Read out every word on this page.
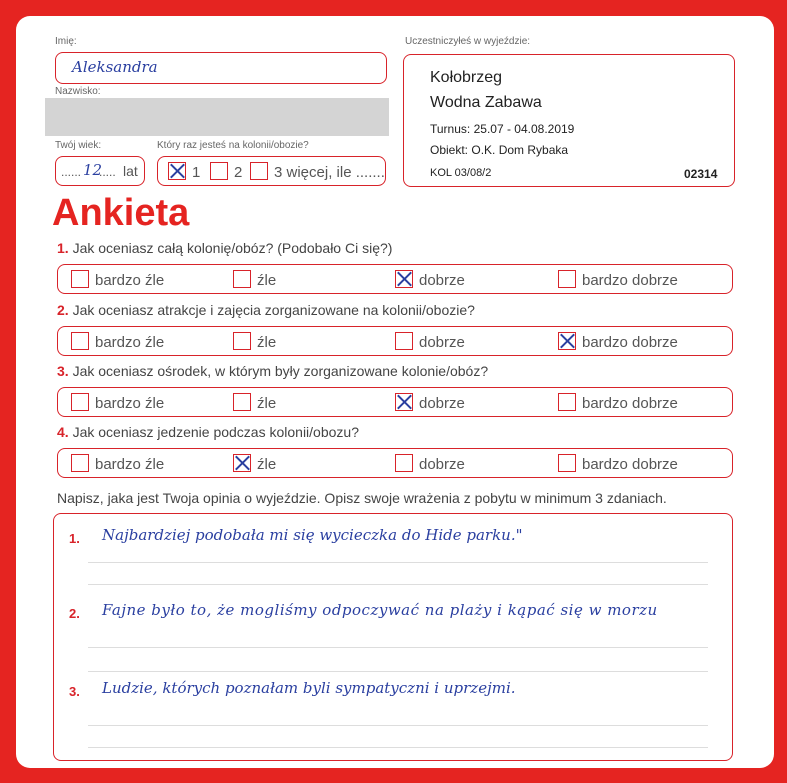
Imię:
Aleksandra
Nazwisko:
Twój wiek:
...... 12
..... lat
Który raz jesteś na kolonii/obozie?
1	2	3 więcej, ile .......
Uczestniczyłeś w wyjeździe:
Kołobrzeg
Wodna Zabawa
Turnus: 25.07 - 04.08.2019
Obiekt: O.K. Dom Rybaka
KOL 03/08/2	02314
Ankieta
1. Jak oceniasz całą kolonię/obóz? (Podobało Ci się?)
bardzo źle	źle	dobrze	bardzo dobrze
2. Jak oceniasz atrakcje i zajęcia zorganizowane na kolonii/obozie?
bardzo źle	źle	dobrze	bardzo dobrze
3. Jak oceniasz ośrodek, w którym były zorganizowane kolonie/obóz?
bardzo źle	źle	dobrze	bardzo dobrze
4. Jak oceniasz jedzenie podczas kolonii/obozu?
bardzo źle	źle	dobrze	bardzo dobrze
Napisz, jaka jest Twoja opinia o wyjeździe. Opisz swoje wrażenia z pobytu w minimum 3 zdaniach.
1. Najbardziej podobała mi się wycieczka do Hide parku."
2. Fajne było to, że mogliśmy odpoczywać na plaży i kąpać się w morzu
3. Ludzie, których poznałam byli sympatyczni i uprzejmi.
